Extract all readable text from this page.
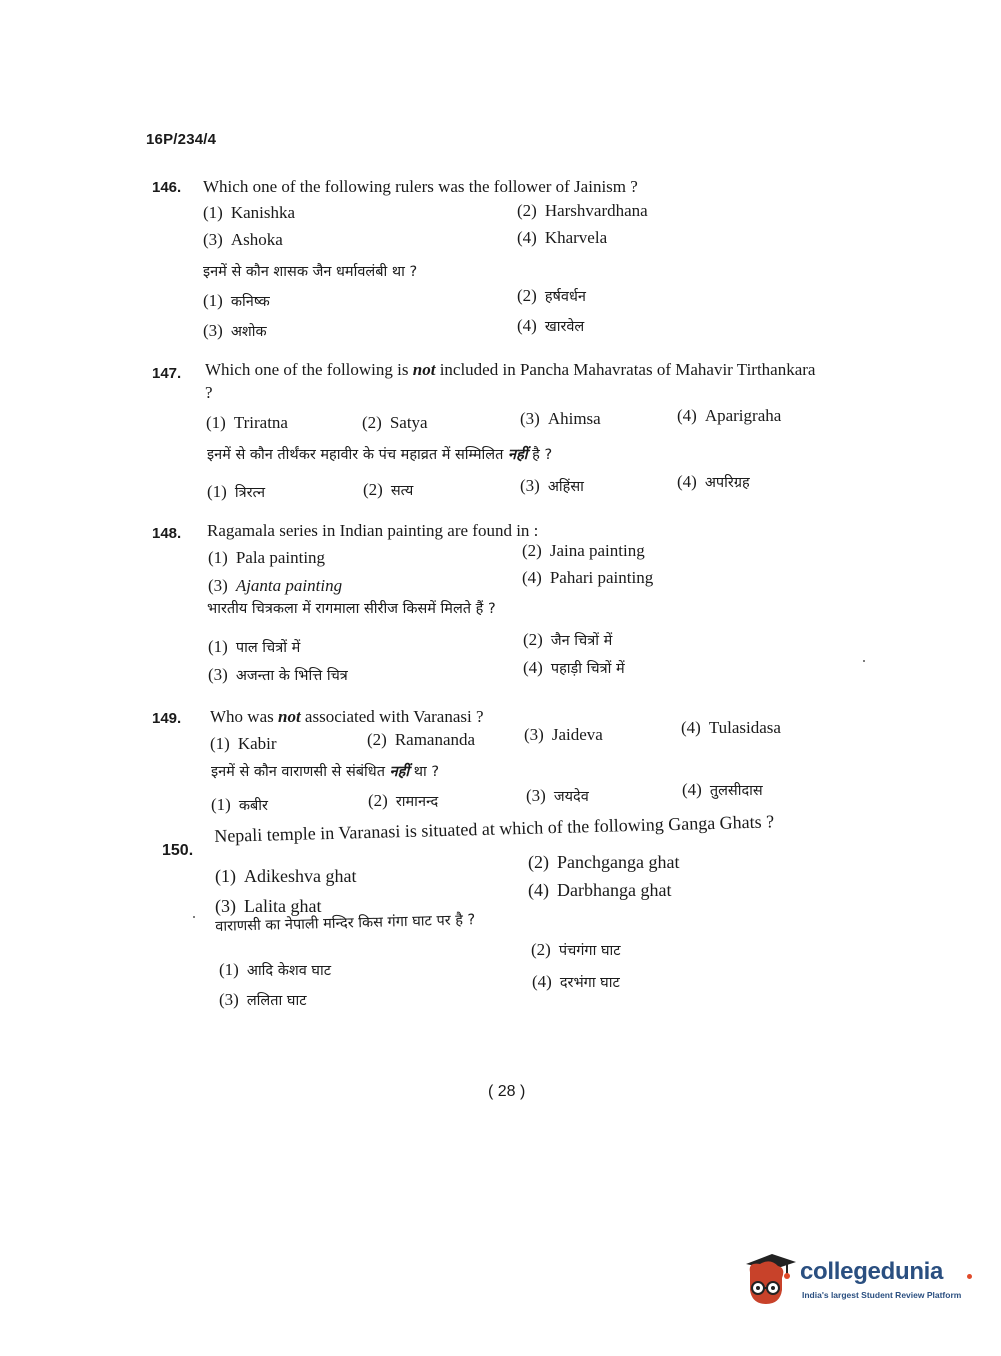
16P/234/4
146. Which one of the following rulers was the follower of Jainism ?
(1) Kanishka	(2) Harshvardhana
(3) Ashoka	(4) Kharvela
इनमें से कौन शासक जैन धर्मावलंबी था ?
(1) कनिष्क	(2) हर्षवर्धन
(3) अशोक	(4) खारवेल
147. Which one of the following is not included in Pancha Mahavratas of Mahavir Tirthankara ?
(1) Triratna	(2) Satya	(3) Ahimsa	(4) Aparigraha
इनमें से कौन तीर्थंकर महावीर के पंच महाव्रत में सम्मिलित नहीं है ?
(1) त्रिरत्न	(2) सत्य	(3) अहिंसा	(4) अपरिग्रह
148. Ragamala series in Indian painting are found in :
(1) Pala painting	(2) Jaina painting
(3) Ajanta painting	(4) Pahari painting
भारतीय चित्रकला में रागमाला सीरीज किसमें मिलते हैं ?
(1) पाल चित्रों में	(2) जैन चित्रों में
(3) अजन्ता के भित्ति चित्र	(4) पहाड़ी चित्रों में
149. Who was not associated with Varanasi ?
(1) Kabir	(2) Ramananda	(3) Jaideva	(4) Tulasidasa
इनमें से कौन वाराणसी से संबंधित नहीं था ?
(1) कबीर	(2) रामानन्द	(3) जयदेव	(4) तुलसीदास
150.
Nepali temple in Varanasi is situated at which of the following Ganga Ghats ?
(1) Adikeshva ghat
(2) Panchganga ghat
(3) Lalita ghat
(4) Darbhanga ghat
वाराणसी का नेपाली मन्दिर किस गंगा घाट पर है ?
(1) आदि केशव घाट
(2) पंचगंगा घाट
(3) ललिता घाट
(4) दरभंगा घाट
( 28 )
collegedunia
India's largest Student Review Platform
